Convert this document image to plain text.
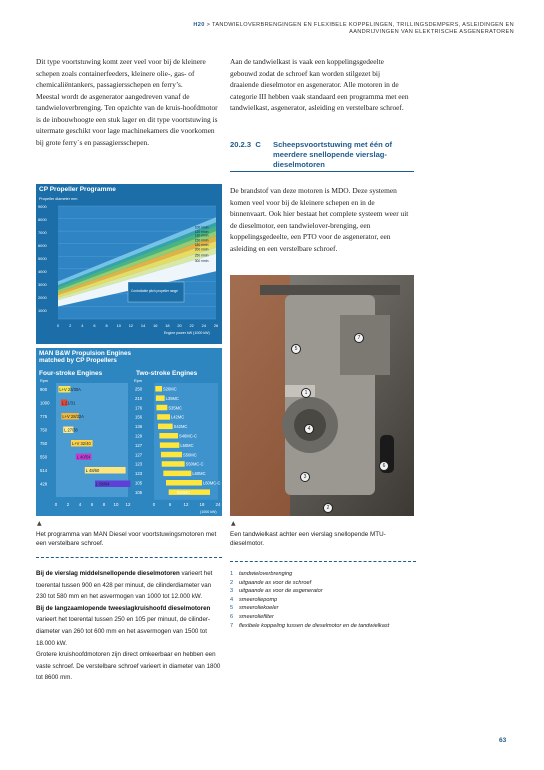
H20 > TANDWIELOVERBRENGINGEN EN FLEXIBELE KOPPELINGEN, TRILLINGSDEMPERS, ASLEIDINGEN EN
AANDRIJVINGEN VAN ELEKTRISCHE ASGENERATOREN

Dit type voortstuwing komt zeer veel voor bij de kleinere schepen zoals containerfeeders, kleinere olie-, gas- of chemicaliëntankers, passagiersschepen en ferry’s.

Meestal wordt de asgenerator aangedreven vanaf de tandwieloverbrenging. Ten opzichte van de kruis-hoofdmotor is de inbouwhoogte een stuk lager en dit type voortstuwing is uitermate geschikt voor lage machinekamers die voorkomen bij grote ferry´s en passagiersschepen.

Aan de tandwielkast is vaak een koppelingsgedeelte gebouwd zodat de schroef kan worden stilgezet bij draaiende dieselmotor en asgenerator. Alle motoren in de categorie III hebben vaak standaard een programma met een tandwielkast, asgenerator, asleiding en verstelbare schroef.

20.2.3 C	Scheepsvoortstuwing met één of meerdere snellopende vierslag-dieselmotoren

De brandstof van deze motoren is MDO. Deze systemen komen veel voor bij de kleinere schepen en in de binnenvaart. Ook hier bestaat het complete systeem weer uit de dieselmotor, een tandwielover-brenging, een koppelingsgedeelte, een PTO voor de asgenerator, een asleiding en een verstelbare schroef.

300 r/min
250 r/min
200 r/min
180 r/min
150 r/min
130 r/min
120 r/min
100 r/min
0	2	4	6	8 10 12 14 16 18 20 22 24 26
Controllable pitch propeller range
CP Propeller Programme
Propeller diameter mm
9000
8000
7000
6000
5000
4000
3000
2000
1000
Engine power kW (1000 kW)
900	L+V 23/30A
1000	L 21/31
775	L+V 28/32A
750	L 27/38
750	L+V 32/40
550	L 40/54
514	L 48/60
428	L 58/64
0 2 4 6 8 10 12
250	S26MC
210	L35MC
176	S35MC
156	L42MC
136	S42MC
129	S46MC-C
127	L50MC
127	S50MC
123	S50MC-C
123	L60MC
105	L60MC-C
105	S60MC
0	6	12	18	24
MAN B&W Propulsion Engines
matched by CP Propellers
Four-stroke Engines	Two-stroke Engines
Rpm	Rpm
(1000 kW)
1
2
3
4
5
6
7
▲
Het programma van MAN Diesel voor voortstuwingsmotoren met een verstelbare schroef.
▲
Een tandwielkast achter een vierslag snellopende MTU-dieselmotor.

Bij de vierslag middelsnellopende dieselmotoren varieert het toerental tussen 900 en 428 per minuut, de cilinderdiameter van 230 tot 580 mm en het asvermogen van 1000 tot 12.000 kW.

Bij de langzaamlopende tweeslagkruishoofd dieselmotoren varieert het toerental tussen 250 en 105 per minuut, de cilinder-diameter van 260 tot 600 mm en het asvermogen van 1500 tot 18.000 kW.

Grotere kruishoofdmotoren zijn direct omkeerbaar en hebben een vaste schroef. De verstelbare schroef varieert in diameter van 1800 tot 8600 mm.

1 tandwieloverbrenging
2 uitgaande as voor de schroef
3 uitgaande as voor de asgenerator
4 smeeroliepomp
5 smeeroliekoeler
6 smeeroliefilter
7 flexibele koppeling tussen de dieselmotor en de tandwielkast
63
